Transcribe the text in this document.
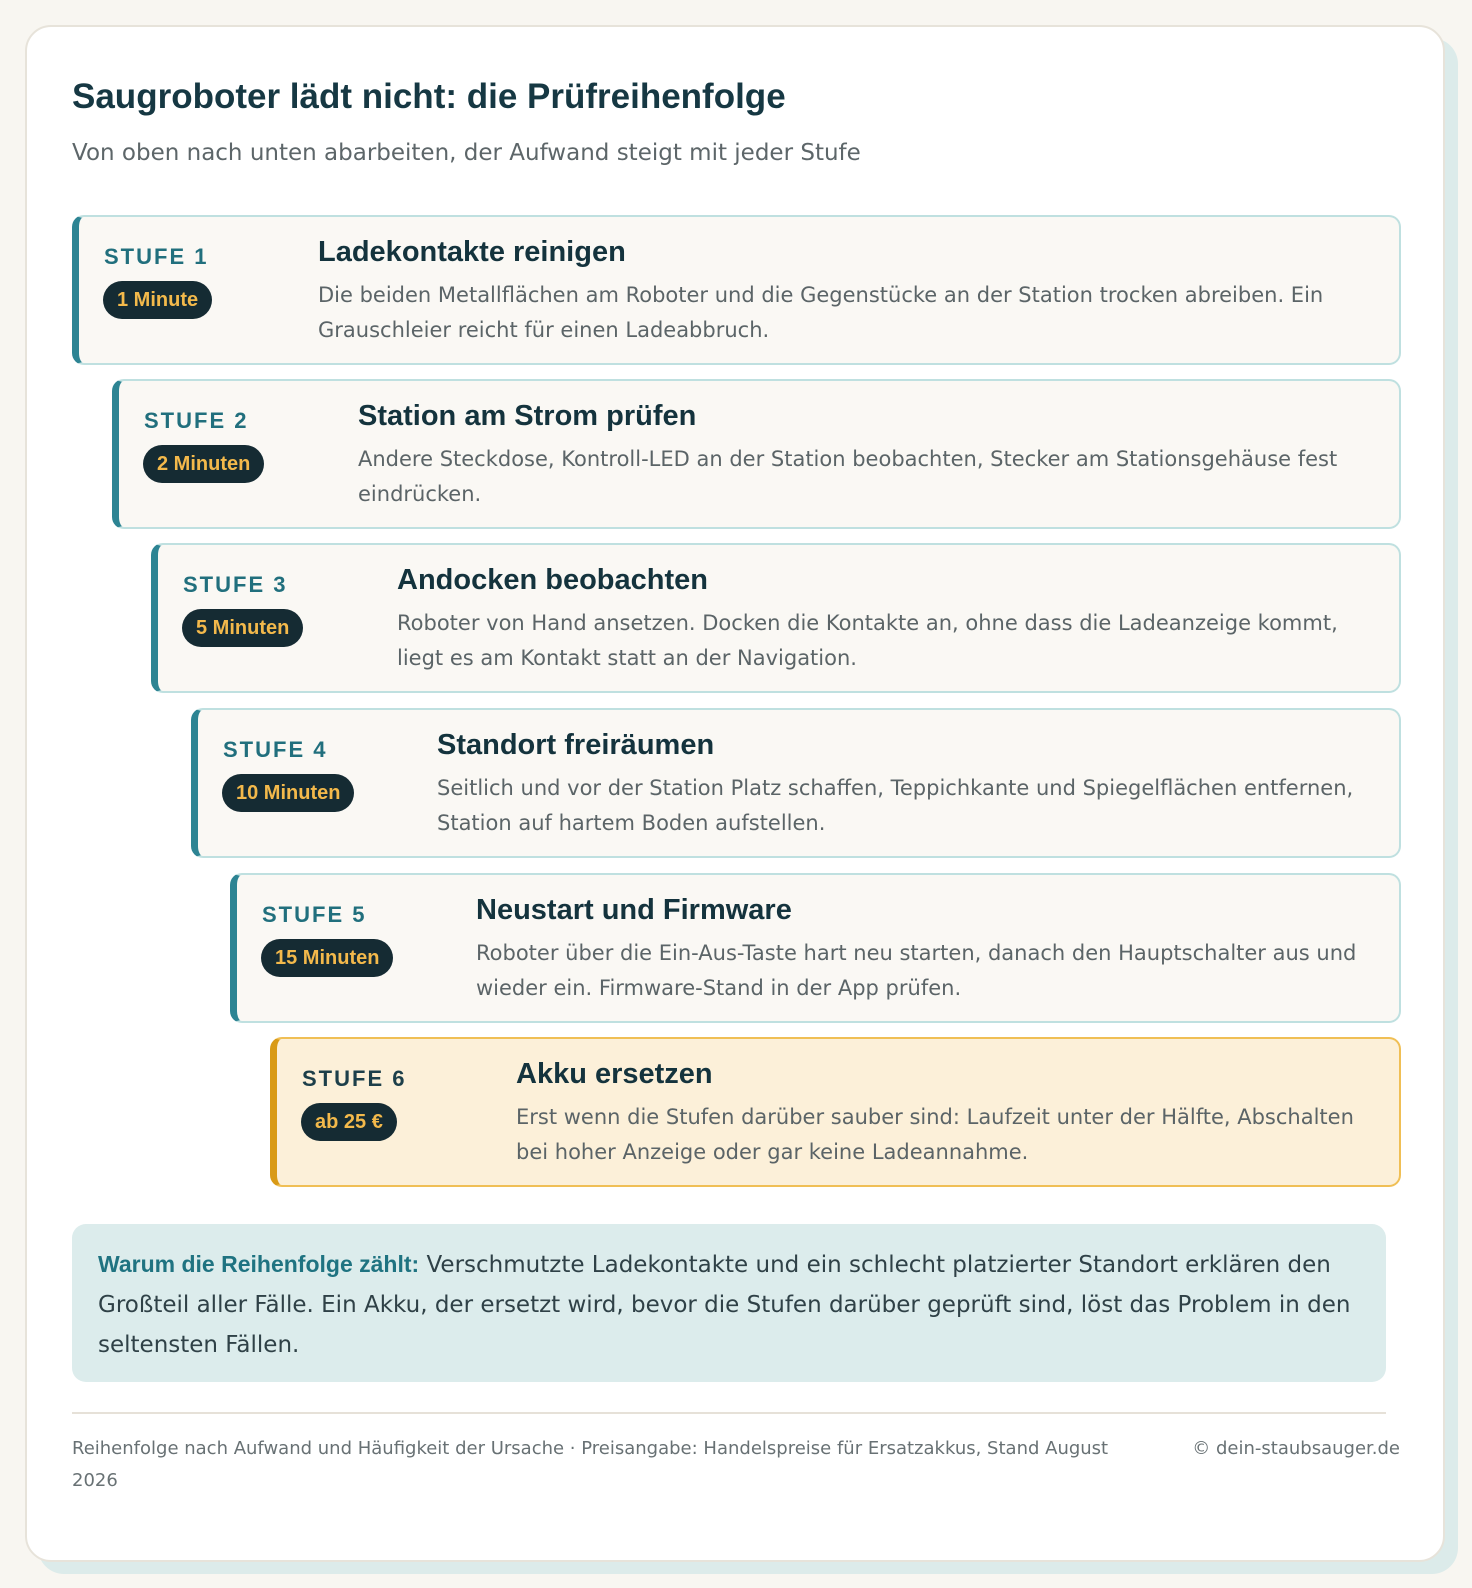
Saugroboter lädt nicht: die Prüfreihenfolge

Von oben nach unten abarbeiten, der Aufwand steigt mit jeder Stufe

STUFE 1
1 Minute
Ladekontakte reinigen
Die beiden Metallflächen am Roboter und die Gegenstücke an der Station trocken abreiben. Ein Grauschleier reicht für einen Ladeabbruch.
STUFE 2
2 Minuten
Station am Strom prüfen
Andere Steckdose, Kontroll-LED an der Station beobachten, Stecker am Stationsgehäuse fest eindrücken.
STUFE 3
5 Minuten
Andocken beobachten
Roboter von Hand ansetzen. Docken die Kontakte an, ohne dass die Ladeanzeige kommt, liegt es am Kontakt statt an der Navigation.
STUFE 4
10 Minuten
Standort freiräumen
Seitlich und vor der Station Platz schaffen, Teppichkante und Spiegelflächen entfernen, Station auf hartem Boden aufstellen.
STUFE 5
15 Minuten
Neustart und Firmware
Roboter über die Ein-Aus-Taste hart neu starten, danach den Hauptschalter aus und wieder ein. Firmware-Stand in der App prüfen.
STUFE 6
ab 25 €
Akku ersetzen
Erst wenn die Stufen darüber sauber sind: Laufzeit unter der Hälfte, Abschalten bei hoher Anzeige oder gar keine Ladeannahme.
Warum die Reihenfolge zählt: Verschmutzte Ladekontakte und ein schlecht platzierter Standort erklären den Großteil aller Fälle. Ein Akku, der ersetzt wird, bevor die Stufen darüber geprüft sind, löst das Problem in den seltensten Fällen.
Reihenfolge nach Aufwand und Häufigkeit der Ursache · Preisangabe: Handelspreise für Ersatzakkus, Stand August 2026
© dein-staubsauger.de
